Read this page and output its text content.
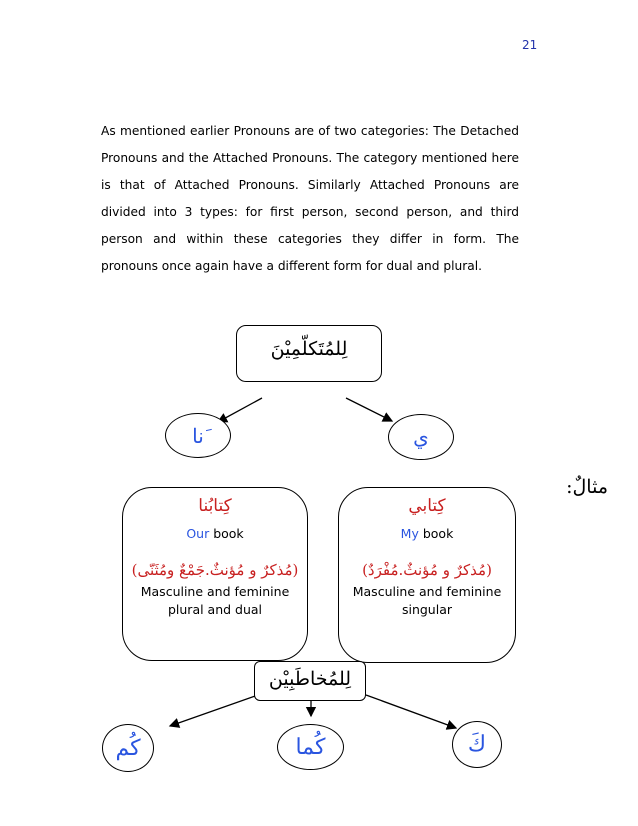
21
As mentioned earlier Pronouns are of two categories: The Detached Pronouns and the Attached Pronouns. The category mentioned here is that of Attached Pronouns. Similarly Attached Pronouns are divided into 3 types: for first person, second person, and third person and within these categories they differ in form. The pronouns once again have a different form for dual and plural.
لِلمُتَكلّمِيْنَ
َنا	ي
مثالٌ:
كِتابُنا
Our book
(مُذكرٌ و مُؤنثٌ.جَمْعٌ ومُثَنّى)
Masculine and feminine
plural and dual
كِتابي
My book
(مُذكرٌ و مُؤنثٌ.مُفْرَدٌ)
Masculine and feminine
singular
لِلمُخاطَبِيْن
كُم	كُما	كَ
